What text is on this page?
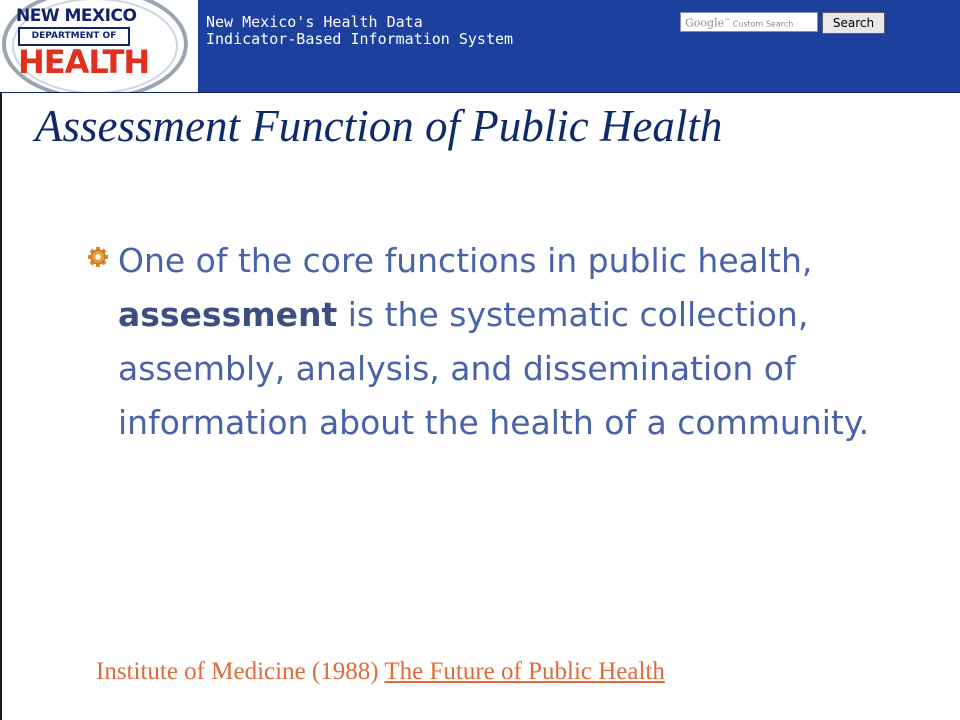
NEW MEXICO
DEPARTMENT OF
HEALTH
New Mexico's Health Data
Indicator-Based Information System
Google™ Custom Search	Search
Assessment Function of Public Health

One of the core functions in public health, assessment is the systematic collection, assembly, analysis, and dissemination of information about the health of a community.

Institute of Medicine (1988) The Future of Public Health
